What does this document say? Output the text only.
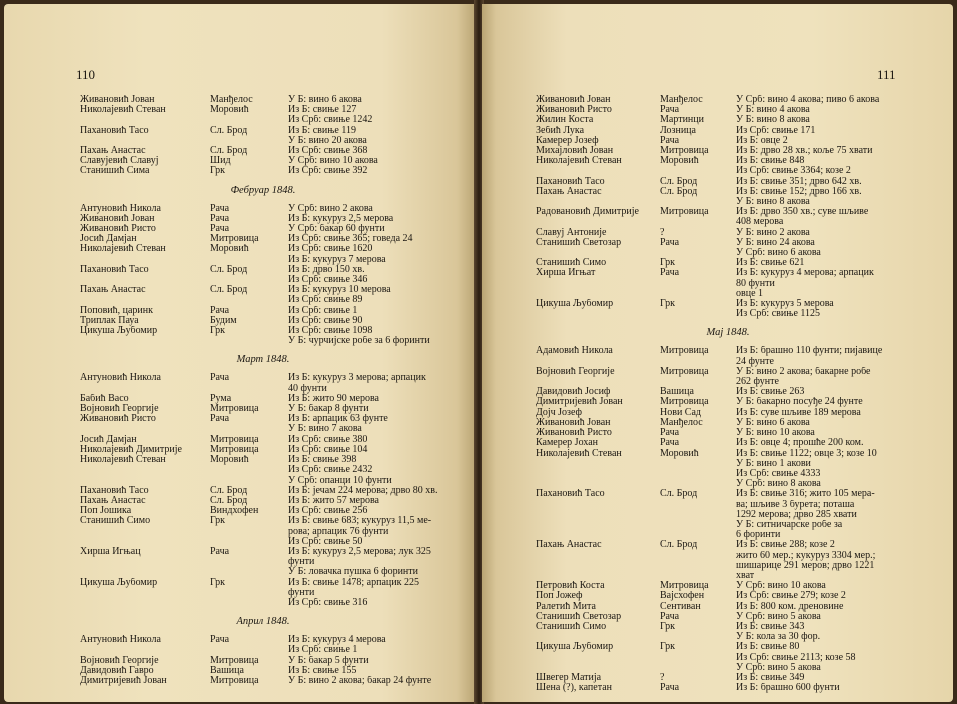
110
Живановић Јован	Манђелос	У Б: вино 6 акова
Николајевић Стеван	Моровић	Из Б: свиње 127
Из Срб: свиње 1242
Пахановић Тасо	Сл. Брод	Из Б: свиње 119
У Б: вино 20 акова
Пахањ Анастас	Сл. Брод	Из Срб: свиње 368
Славујевић Славуј	Шид	У Срб: вино 10 акова
Станишић Сима	Грк	Из Срб: свиње 392
Фебруар 1848.
Антуновић Никола	Рача	У Срб: вино 2 акова
Живановић Јован	Рача	Из Б: кукуруз 2,5 мерова
Живановић Ристо	Рача	У Срб: бакар 60 фунти
Јосић Дамјан	Митровица	Из Срб: свиње 365; говеда 24
Николајевић Стеван	Моровић	Из Срб: свиње 1620
Из Б: кукуруз 7 мерова
Пахановић Тасо	Сл. Брод	Из Б: дрво 150 хв.
Из Срб: свиње 346
Пахањ Анастас	Сл. Брод	Из Б: кукуруз 10 мерова
Из Срб: свиње 89
Поповић, царинк	Рача	Из Срб: свиње 1
Триплак Пауа	Будим	Из Срб: свиње 90
Цикуша Љубомир	Грк	Из Срб: свиње 1098
У Б: чурчијске робе за 6 форинти
Март 1848.
Антуновић Никола	Рача	Из Б: кукуруз 3 мерова; арпацик
40 фунти
Бабић Васо	Рума	Из Б: жито 90 мерова
Војновић Георгије	Митровица	У Б: бакар 8 фунти
Живановић Ристо	Рача	Из Б: арпацик 63 фунте
У Б: вино 7 акова
Јосић Дамјан	Митровица	Из Срб: свиње 380
Николајевић Димитрије	Митровица	Из Срб: свиње 104
Николајевић Стеван	Моровић	Из Б: свиње 398
Из Срб: свиње 2432
У Срб: опанци 10 фунти
Пахановић Тасо	Сл. Брод	Из Б: јечам 224 мерова; дрво 80 хв.
Пахањ Анастас	Сл. Брод	Из Б: жито 57 мерова
Поп Јошика	Виндхофен	Из Срб: свиње 256
Станишић Симо	Грк	Из Б: свиње 683; кукуруз 11,5 ме-
рова; арпацик 76 фунти
Из Срб: свиње 50
Хирша Игњац	Рача	Из Б: кукуруз 2,5 мерова; лук 325
фунти
У Б: ловачка пушка 6 форинти
Цикуша Љубомир	Грк	Из Б: свиње 1478; арпацик 225
фунти
Из Срб: свиње 316
Април 1848.
Антуновић Никола	Рача	Из Б: кукуруз 4 мерова
Из Срб: свиње 1
Војновић Георгије	Митровица	У Б: бакар 5 фунти
Давидовић Гавро	Вашица	Из Б: свиње 155
Димитријевић Јован	Митровица	У Б: вино 2 акова; бакар 24 фунте
111
Живановић Јован	Манђелос	У Срб: вино 4 акова; пиво 6 акова
Живановић Ристо	Рача	У Б: вино 4 акова
Жилин Коста	Мартинци	У Б: вино 8 акова
Зебић Лука	Лозница	Из Срб: свиње 171
Камерер Јозеф	Рача	Из Б: овце 2
Михајловић Јован	Митровица	Из Б: дрво 28 хв.; коље 75 хвати
Николајевић Стеван	Моровић	Из Б: свиње 848
Из Срб: свиње 3364; козе 2
Пахановић Тасо	Сл. Брод	Из Б: свиње 351; дрво 642 хв.
Пахањ Анастас	Сл. Брод	Из Б: свиње 152; дрво 166 хв.
У Б: вино 8 акова
Радовановић Димитрије	Митровица	Из Б: дрво 350 хв.; суве шљиве
408 мерова
Славуј Антоније	?	У Б: вино 2 акова
Станишић Светозар	Рача	У Б: вино 24 акова
У Срб: вино 6 акова
Станишић Симо	Грк	Из Б: свиње 621
Хирша Игњат	Рача	Из Б: кукуруз 4 мерова; арпацик
80 фунти
овце 1
Цикуша Љубомир	Грк	Из Б: кукуруз 5 мерова
Из Срб: свиње 1125
Мај 1848.
Адамовић Никола	Митровица	Из Б: брашно 110 фунти; пијавице
24 фунте
Војновић Георгије	Митровица	У Б: вино 2 акова; бакарне робе
262 фунте
Давидовић Јосиф	Вашица	Из Б: свиње 263
Димитријевић Јован	Митровица	У Б: бакарно посуђе 24 фунте
Дојч Јозеф	Нови Сад	Из Б: суве шљиве 189 мерова
Живановић Јован	Манђелос	У Б: вино 6 акова
Живановић Ристо	Рача	У Б: вино 10 акова
Камерер Јохан	Рача	Из Б: овце 4; прошће 200 ком.
Николајевић Стеван	Моровић	Из Б: свиње 1122; овце 3; козе 10
У Б: вино 1 акови
Из Срб: свиње 4333
У Срб: вино 8 акова
Пахановић Тасо	Сл. Брод	Из Б: свиње 316; жито 105 мера-
ва; шљиве 3 бурета; поташа
1292 мерова; дрво 285 хвати
У Б: ситничарске робе за
6 форинти
Пахањ Анастас	Сл. Брод	Из Б: свиње 288; козе 2
жито 60 мер.; кукуруз 3304 мер.;
шишарице 291 меров; дрво 1221
хват
Петровић Коста	Митровица	У Срб: вино 10 акова
Поп Јожеф	Вајсхофен	Из Срб: свиње 279; козе 2
Ралетић Мита	Сентиван	Из Б: 800 ком. дреновине
Станишић Светозар	Рача	У Срб: вино 5 акова
Станишић Симо	Грк	Из Б: свиње 343
У Б: кола за 30 фор.
Цикуша Љубомир	Грк	Из Б: свиње 80
Из Срб: свиње 2113; козе 58
У Срб: вино 5 акова
Швегер Матија	?	Из Б: свиње 349
Шена (?), капетан	Рача	Из Б: брашно 600 фунти
